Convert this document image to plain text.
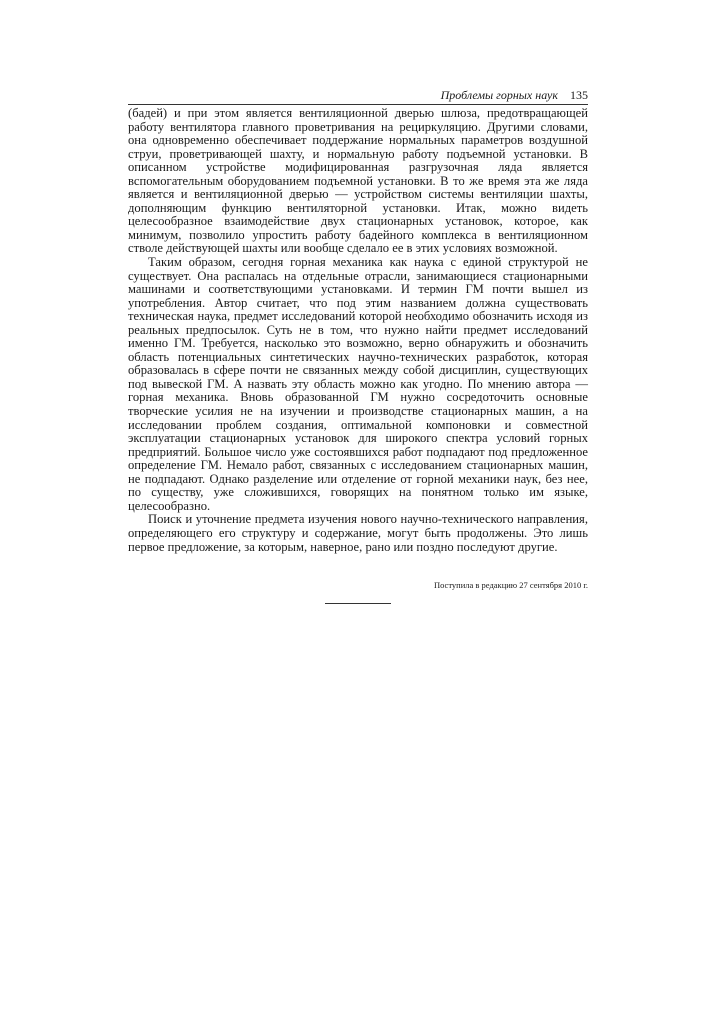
Проблемы горных наук 135

(бадей) и при этом является вентиляционной дверью шлюза, предотвращающей работу вентилятора главного проветривания на рециркуляцию. Другими словами, она одновременно обеспечивает поддержание нормальных параметров воздушной струи, проветривающей шахту, и нормальную работу подъемной установки. В описанном устройстве модифицированная разгрузочная ляда является вспомогательным оборудованием подъемной установки. В то же время эта же ляда является и вентиляционной дверью — устройством системы вентиляции шахты, дополняющим функцию вентиляторной установки. Итак, можно видеть целесообразное взаимодействие двух стационарных установок, которое, как минимум, позволило упростить работу бадейного комплекса в вентиляционном стволе действующей шахты или вообще сделало ее в этих условиях возможной.

Таким образом, сегодня горная механика как наука с единой структурой не существует. Она распалась на отдельные отрасли, занимающиеся стационарными машинами и соответствующими установками. И термин ГМ почти вышел из употребления. Автор считает, что под этим названием должна существовать техническая наука, предмет исследований которой необходимо обозначить исходя из реальных предпосылок. Суть не в том, что нужно найти предмет исследований именно ГМ. Требуется, насколько это возможно, верно обнаружить и обозначить область потенциальных синтетических научно-технических разработок, которая образовалась в сфере почти не связанных между собой дисциплин, существующих под вывеской ГМ. А назвать эту область можно как угодно. По мнению автора — горная механика. Вновь образованной ГМ нужно сосредоточить основные творческие усилия не на изучении и производстве стационарных машин, а на исследовании проблем создания, оптимальной компоновки и совместной эксплуатации стационарных установок для широкого спектра условий горных предприятий. Большое число уже состоявшихся работ подпадают под предложенное определение ГМ. Немало работ, связанных с исследованием стационарных машин, не подпадают. Однако разделение или отделение от горной механики наук, без нее, по существу, уже сложившихся, говорящих на понятном только им языке, целесообразно.

Поиск и уточнение предмета изучения нового научно-технического направления, определяющего его структуру и содержание, могут быть продолжены. Это лишь первое предложение, за которым, наверное, рано или поздно последуют другие.

Поступила в редакцию 27 сентября 2010 г.
